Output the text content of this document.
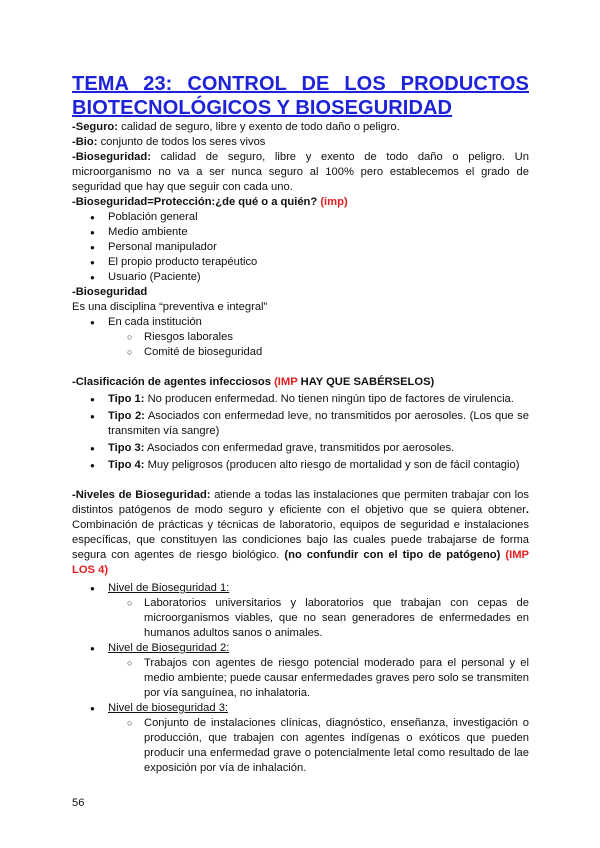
TEMA 23: CONTROL DE LOS PRODUCTOS
BIOTECNOLÓGICOS Y BIOSEGURIDAD

-Seguro: calidad de seguro, libre y exento de todo daño o peligro.

-Bio: conjunto de todos los seres vivos

-Bioseguridad: calidad de seguro, libre y exento de todo daño o peligro. Un microorganismo no va a ser nunca seguro al 100% pero establecemos el grado de seguridad que hay que seguir con cada uno.

-Bioseguridad=Protección:¿de qué o a quién? (imp)

● Población general
● Medio ambiente
● Personal manipulador
● El propio producto terapéutico
● Usuario (Paciente)

-Bioseguridad

Es una disciplina “preventiva e integral”

● En cada institución
○ Riesgos laborales
○ Comité de bioseguridad

-Clasificación de agentes infecciosos (IMP HAY QUE SABÉRSELOS)

● Tipo 1: No producen enfermedad. No tienen ningún tipo de factores de virulencia.
● Tipo 2: Asociados con enfermedad leve, no transmitidos por aerosoles. (Los que se transmiten vía sangre)
● Tipo 3: Asociados con enfermedad grave, transmitidos por aerosoles.
● Tipo 4: Muy peligrosos (producen alto riesgo de mortalidad y son de fácil contagio)

-Niveles de Bioseguridad: atiende a todas las instalaciones que permiten trabajar con los distintos patógenos de modo seguro y eficiente con el objetivo que se quiera obtener. Combinación de prácticas y técnicas de laboratorio, equipos de seguridad e instalaciones específicas, que constituyen las condiciones bajo las cuales puede trabajarse de forma segura con agentes de riesgo biológico. (no confundir con el tipo de patógeno) (IMP LOS 4)

● Nivel de Bioseguridad 1:
○ Laboratorios universitarios y laboratorios que trabajan con cepas de microorganismos viables, que no sean generadores de enfermedades en humanos adultos sanos o animales.
● Nivel de Bioseguridad 2:
○ Trabajos con agentes de riesgo potencial moderado para el personal y el medio ambiente; puede causar enfermedades graves pero solo se transmiten por vía sanguínea, no inhalatoria.
● Nivel de bioseguridad 3:
○ Conjunto de instalaciones clínicas, diagnóstico, enseñanza, investigación o producción, que trabajen con agentes indígenas o exóticos que pueden producir una enfermedad grave o potencialmente letal como resultado de lae exposición por vía de inhalación.
56
